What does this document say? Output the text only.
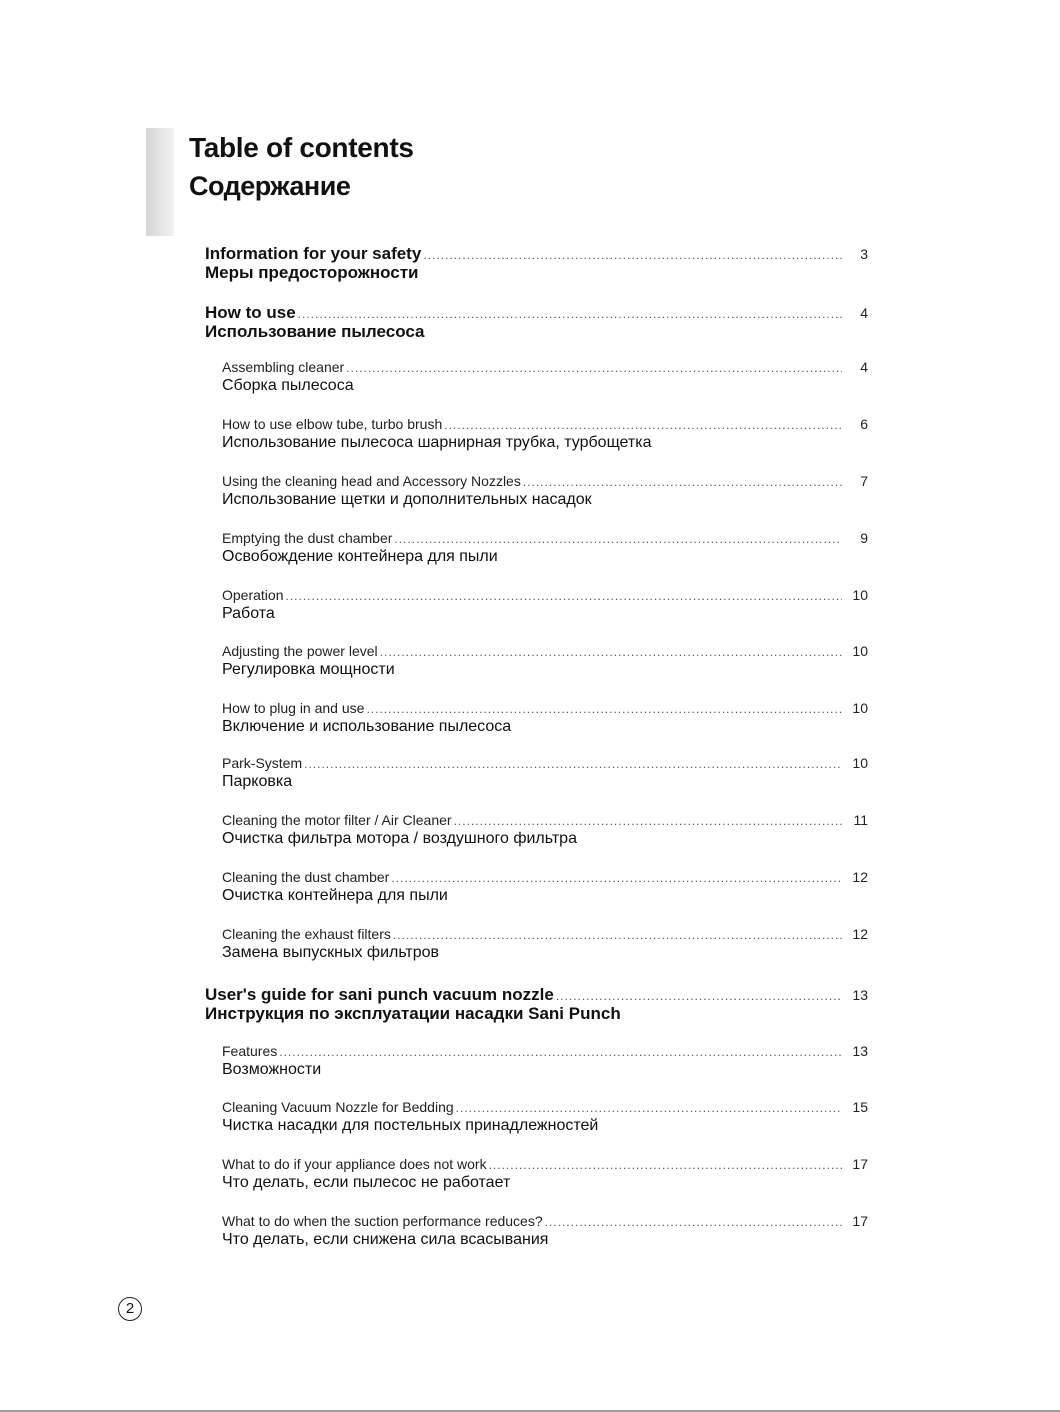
Table of contents
Содержание
Information for your safety .....	3
Меры предосторожности
How to use .....	4
Использование пылесоса
Assembling cleaner .....	4
Сборка пылесоса
How to use elbow tube, turbo brush .....	6
Использование пылесоса шарнирная трубка, турбощетка
Using the cleaning head and Accessory Nozzles .....	7
Использование щетки и дополнительных насадок
Emptying the dust chamber .....	9
Освобождение контейнера для пыли
Operation .....	10
Работа
Adjusting the power level .....	10
Регулировка мощности
How to plug in and use .....	10
Включение и использование пылесоса
Park-System .....	10
Парковка
Cleaning the motor filter / Air Cleaner .....	11
Очистка фильтра мотора / воздушного фильтра
Cleaning the dust chamber .....	12
Очистка контейнера для пыли
Cleaning the exhaust filters .....	12
Замена выпускных фильтров
User's guide for sani punch vacuum nozzle .....	13
Инструкция по эксплуатации насадки Sani Punch
Features .....	13
Возможности
Cleaning Vacuum Nozzle for Bedding .....	15
Чистка насадки для постельных принадлежностей
What to do if your appliance does not work .....	17
Что делать, если пылесос не работает
What to do when the suction performance reduces? .....	17
Что делать, если снижена сила всасывания
2
